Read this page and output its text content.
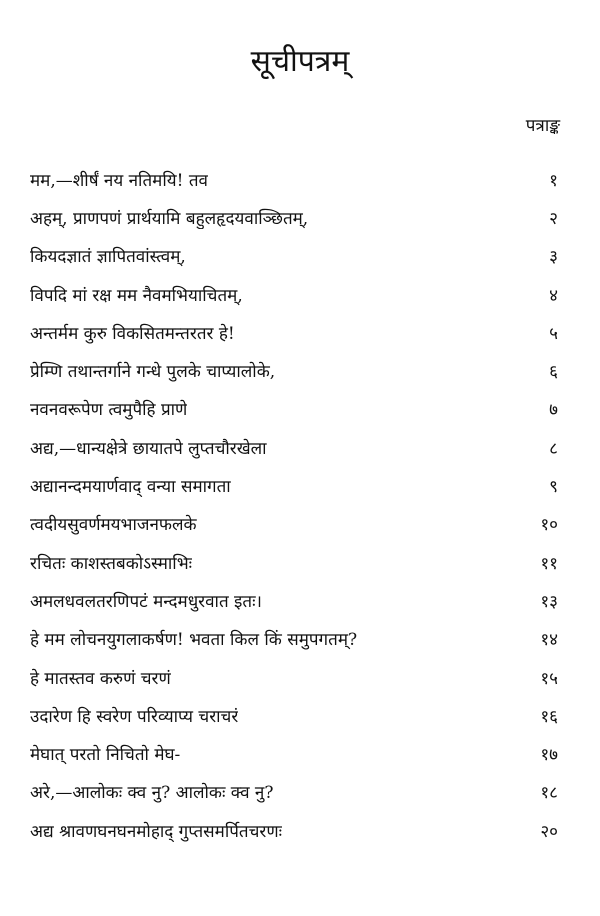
सूचीपत्रम्
पत्राङ्क
मम,—शीर्षं नय नतिमयि! तव	१
अहम्, प्राणपणं प्रार्थयामि बहुलहृदयवाञ्छितम्,	२
कियदज्ञातं ज्ञापितवांस्त्वम्,	३
विपदि मां रक्ष मम नैवमभियाचितम्,	४
अन्तर्मम कुरु विकसितमन्तरतर हे!	५
प्रेम्णि तथान्तर्गाने गन्धे पुलके चाप्यालोके,	६
नवनवरूपेण त्वमुपैहि प्राणे	७
अद्य,—धान्यक्षेत्रे छायातपे लुप्तचौरखेला	८
अद्यानन्दमयार्णवाद् वन्या समागता	९
त्वदीयसुवर्णमयभाजनफलके	१०
रचितः काशस्तबकोऽस्माभिः	११
अमलधवलतरणिपटं मन्दमधुरवात इतः।	१३
हे मम लोचनयुगलाकर्षण! भवता किल किं समुपगतम्?	१४
हे मातस्तव करुणं चरणं	१५
उदारेण हि स्वरेण परिव्याप्य चराचरं	१६
मेघात् परतो निचितो मेघ-	१७
अरे,—आलोकः क्व नु? आलोकः क्व नु?	१८
अद्य श्रावणघनघनमोहाद् गुप्तसमर्पितचरणः	२०
